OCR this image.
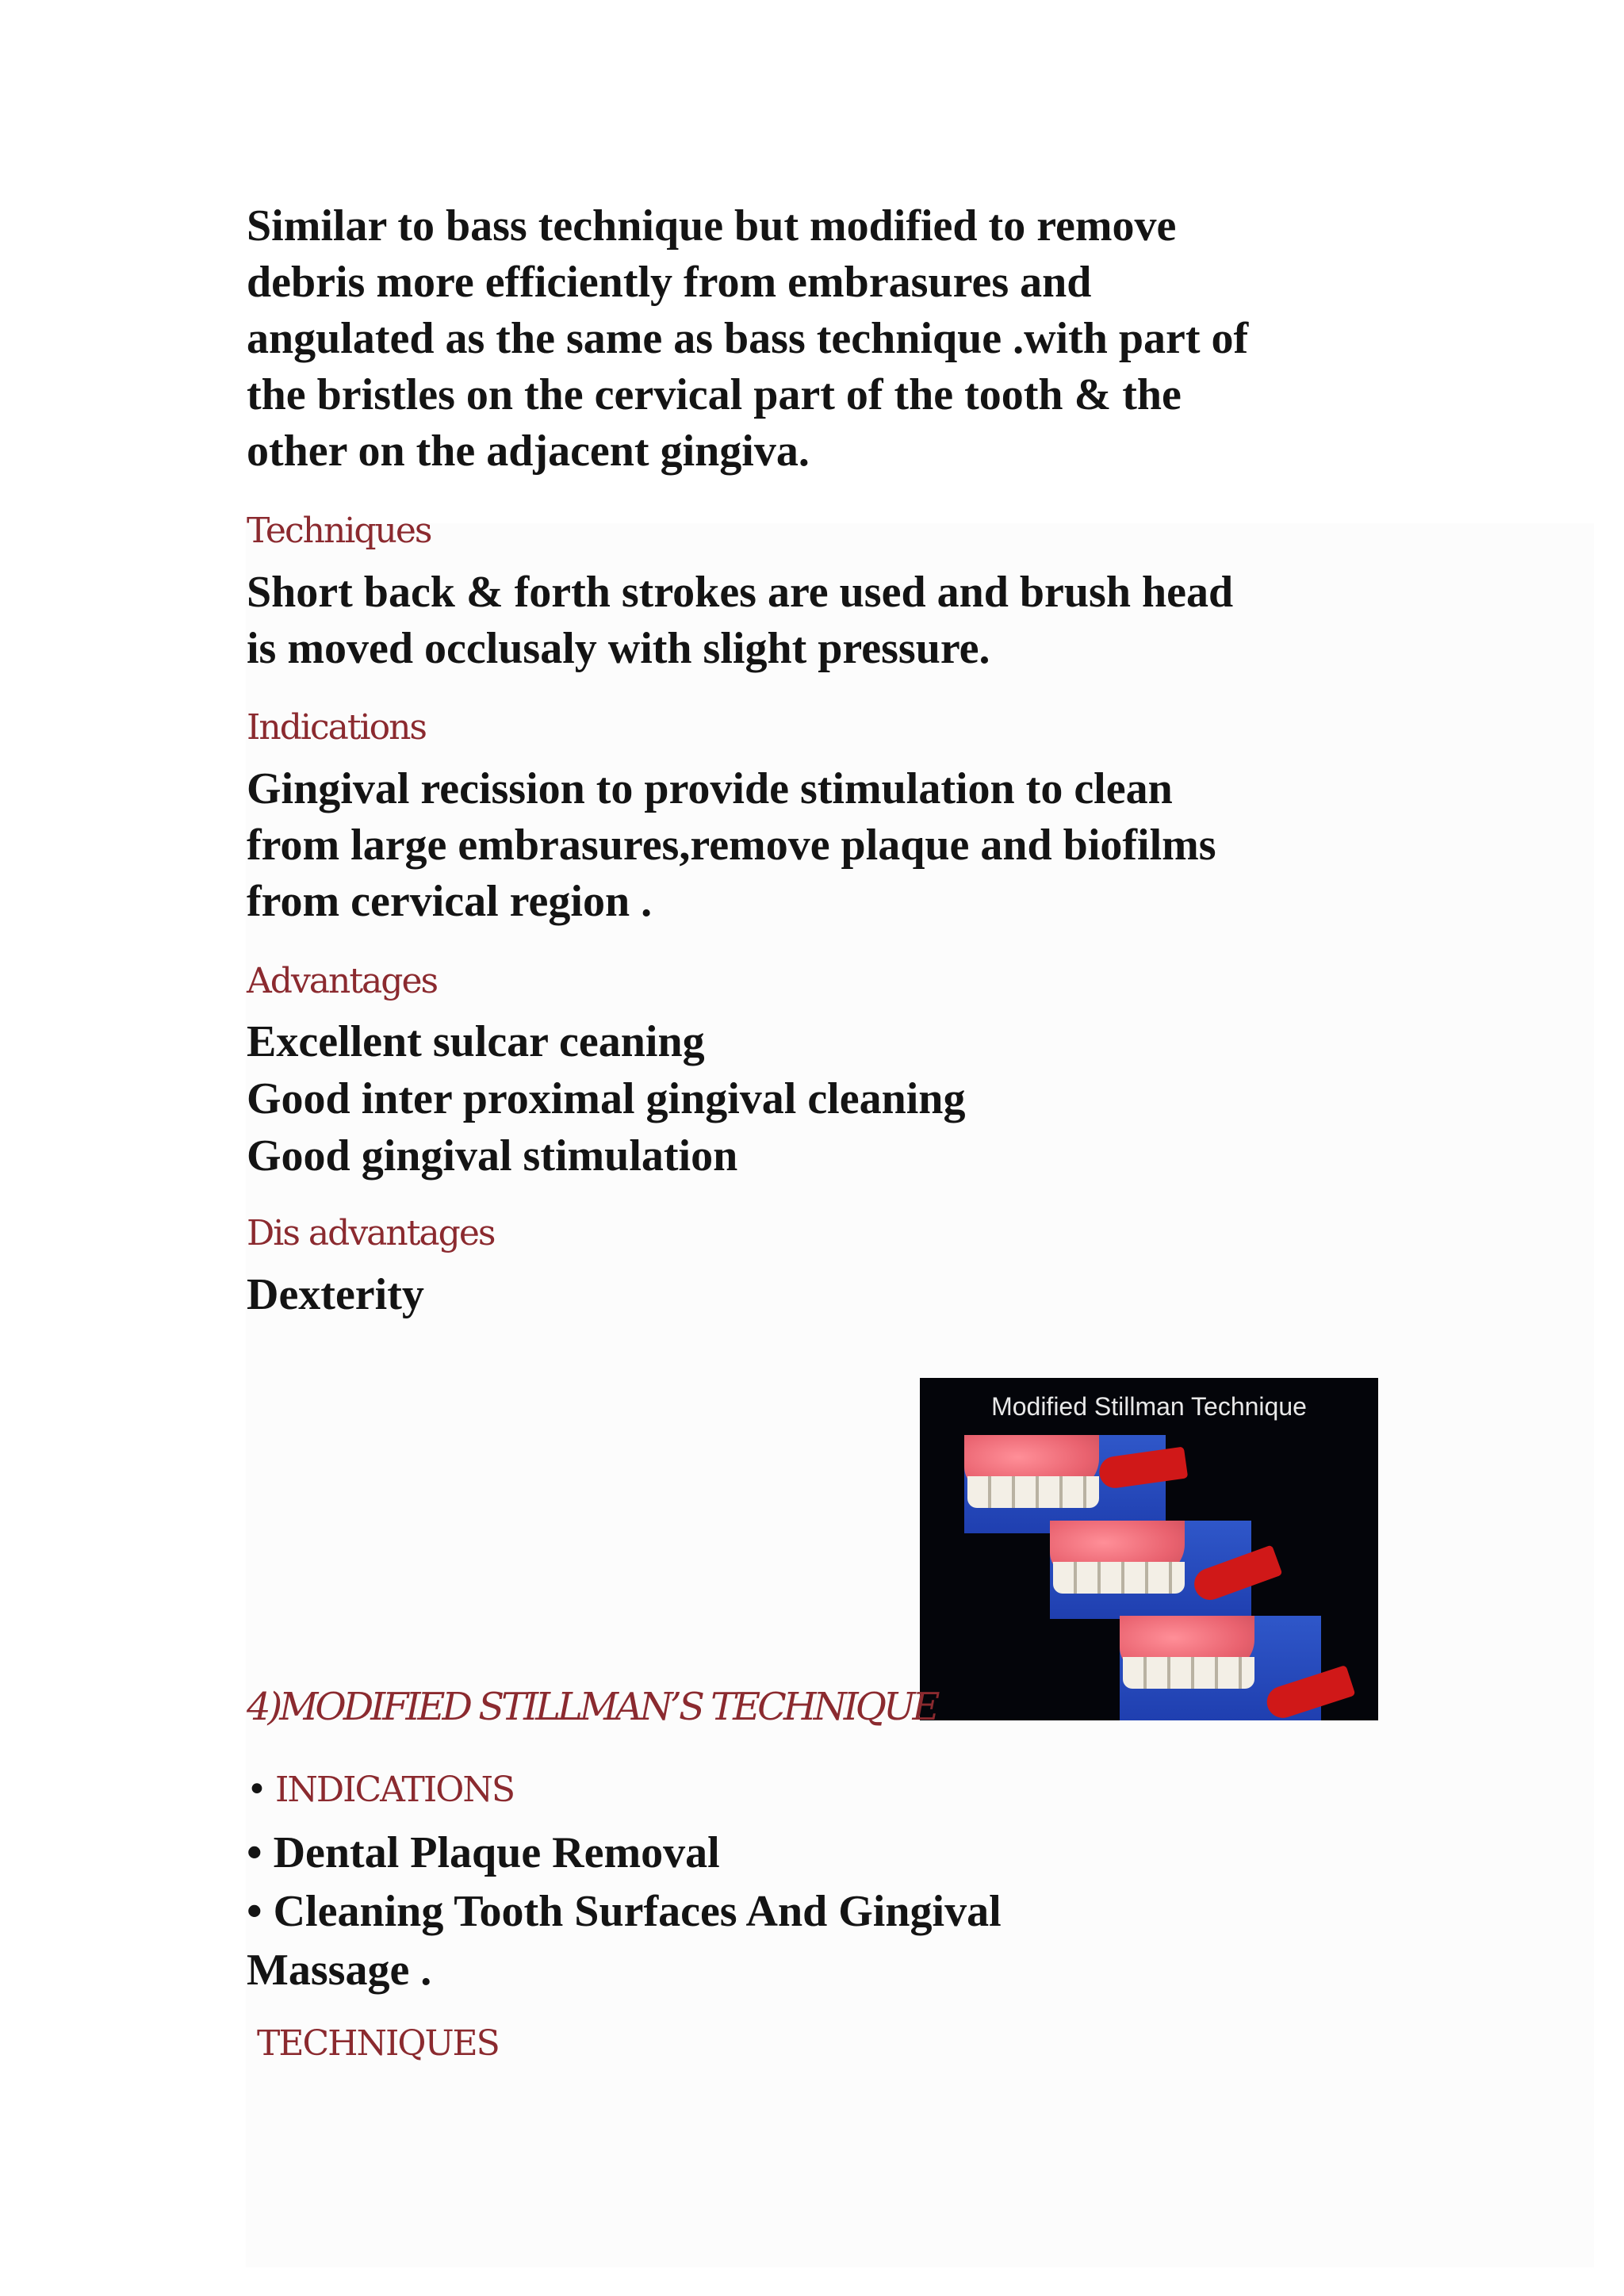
Similar to bass technique but modified to remove
debris more efficiently from embrasures and
angulated as the same as bass technique .with part of
the bristles on the cervical part of the tooth & the
other on the adjacent gingiva.

Techniques

Short back & forth strokes are used and brush head
is moved occlusaly with slight pressure.

Indications

Gingival recission to provide stimulation to clean
from large embrasures,remove plaque and biofilms
from cervical region .

Advantages
Excellent sulcar ceaning
Good inter proximal gingival cleaning
Good gingival stimulation
Dis advantages

Dexterity

Modified Stillman Technique
4)MODIFIED STILLMAN’S TECHNIQUE
• INDICATIONS
• Dental Plaque Removal
• Cleaning Tooth Surfaces And Gingival
Massage .
TECHNIQUES
